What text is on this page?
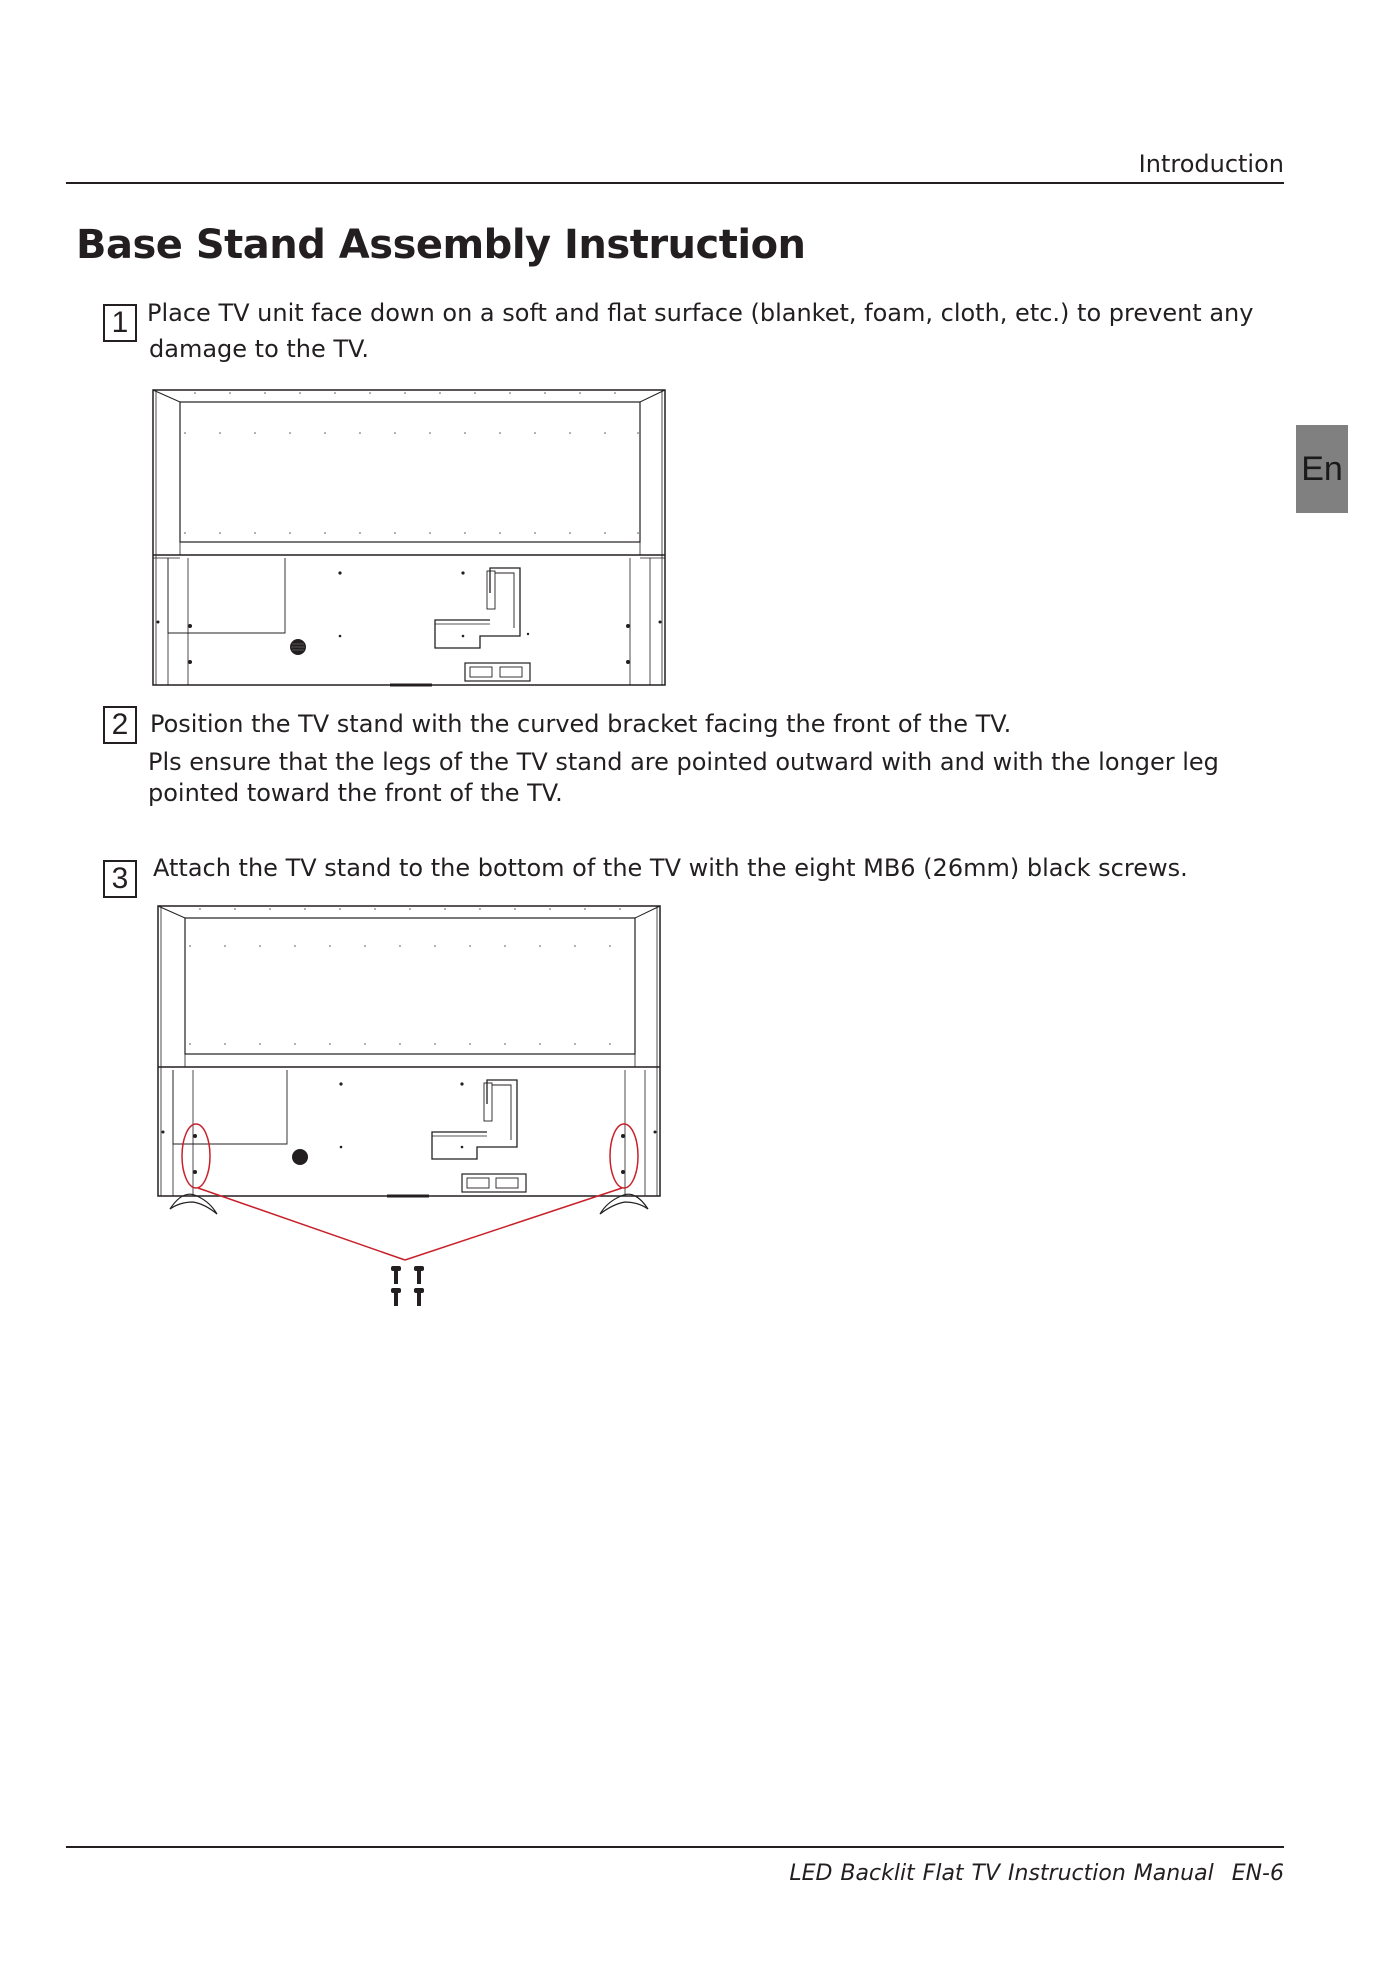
Introduction
Base Stand Assembly Instruction
En
1 Place TV unit face down on a soft and flat surface (blanket, foam, cloth, etc.) to prevent any
damage to the TV.
2 Position the TV stand with the curved bracket facing the front of the TV.
Pls ensure that the legs of the TV stand are pointed outward with and with the longer leg
pointed toward the front of the TV.
3	Attach the TV stand to the bottom of the TV with the eight MB6 (26mm) black screws.
LED Backlit Flat TV Instruction Manual EN-6
